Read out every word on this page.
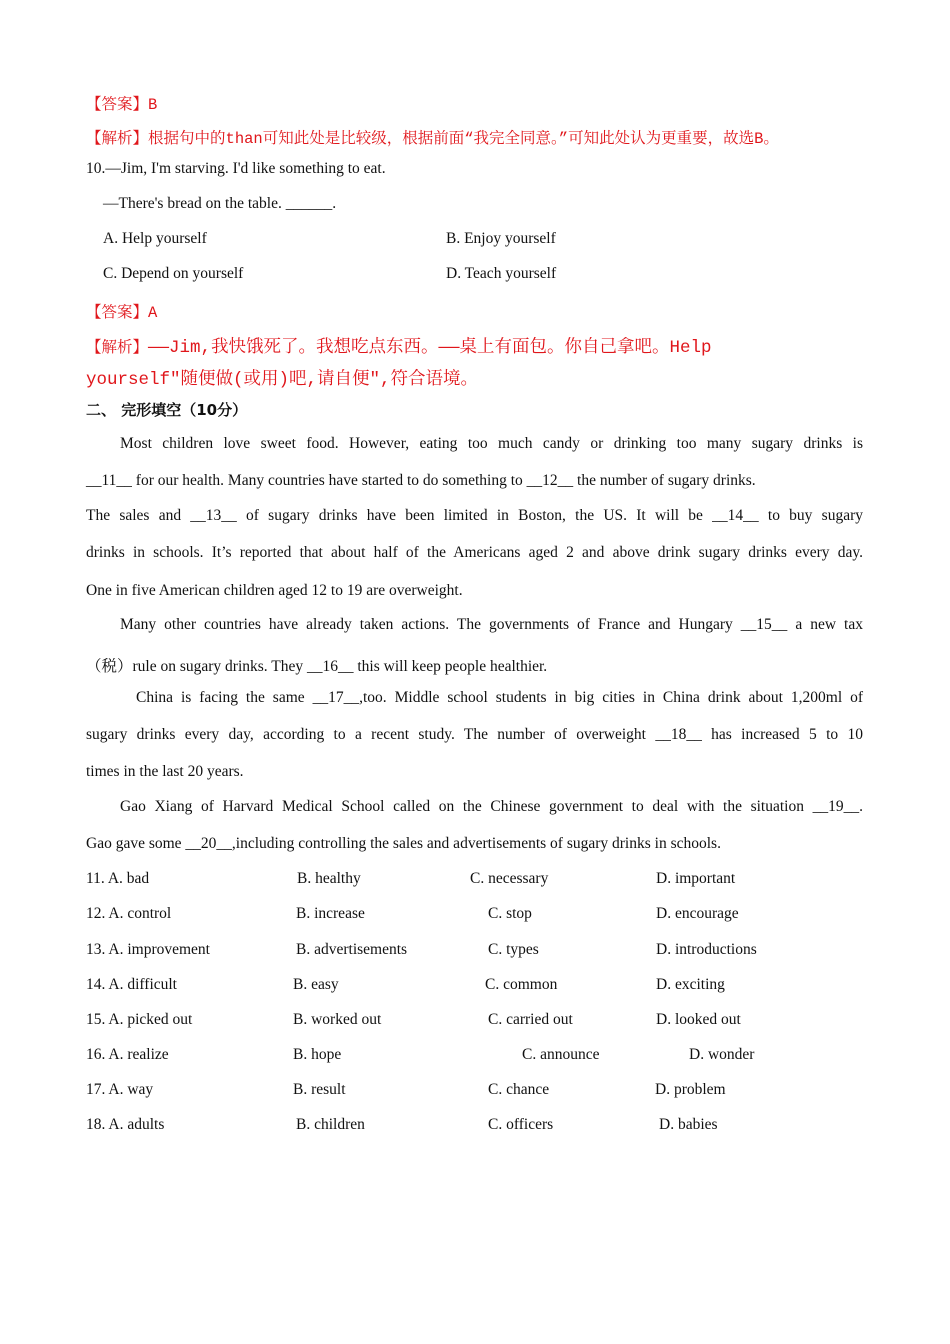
【答案】B
【解析】根据句中的than可知此处是比较级，根据前面“我完全同意。”可知此处认为更重要，故选B。
10.—Jim, I'm starving. I'd like something to eat.
—There's bread on the table. ______.
A. Help yourself	B. Enjoy yourself
C. Depend on yourself	D. Teach yourself
【答案】A
【解析】——Jim,我快饿死了。我想吃点东西。——桌上有面包。你自己拿吧。Help
yourself"随便做(或用)吧,请自便",符合语境。
二、 完形填空（10分）
Most children love sweet food. However, eating too much candy or drinking too many sugary drinks is
__11__ for our health. Many countries have started to do something to __12__ the number of sugary drinks.
The sales and __13__ of sugary drinks have been limited in Boston, the US. It will be __14__ to buy sugary
drinks in schools. It’s reported that about half of the Americans aged 2 and above drink sugary drinks every day.
One in five American children aged 12 to 19 are overweight.
Many other countries have already taken actions. The governments of France and Hungary __15__ a new tax
（税）rule on sugary drinks. They __16__ this will keep people healthier.
China is facing the same __17__,too. Middle school students in big cities in China drink about 1,200ml of
sugary drinks every day, according to a recent study. The number of overweight __18__ has increased 5 to 10
times in the last 20 years.
Gao Xiang of Harvard Medical School called on the Chinese government to deal with the situation __19__.
Gao gave some __20__,including controlling the sales and advertisements of sugary drinks in schools.
11. A. bad	B. healthy	C. necessary	D. important
12. A. control	B. increase	C. stop	D. encourage
13. A. improvement	B. advertisements	C. types	D. introductions
14. A. difficult	B. easy	C. common	D. exciting
15. A. picked out	B. worked out	C. carried out	D. looked out
16. A. realize	B. hope	C. announce	D. wonder
17. A. way	B. result	C. chance	D. problem
18. A. adults	B. children	C. officers	D. babies
